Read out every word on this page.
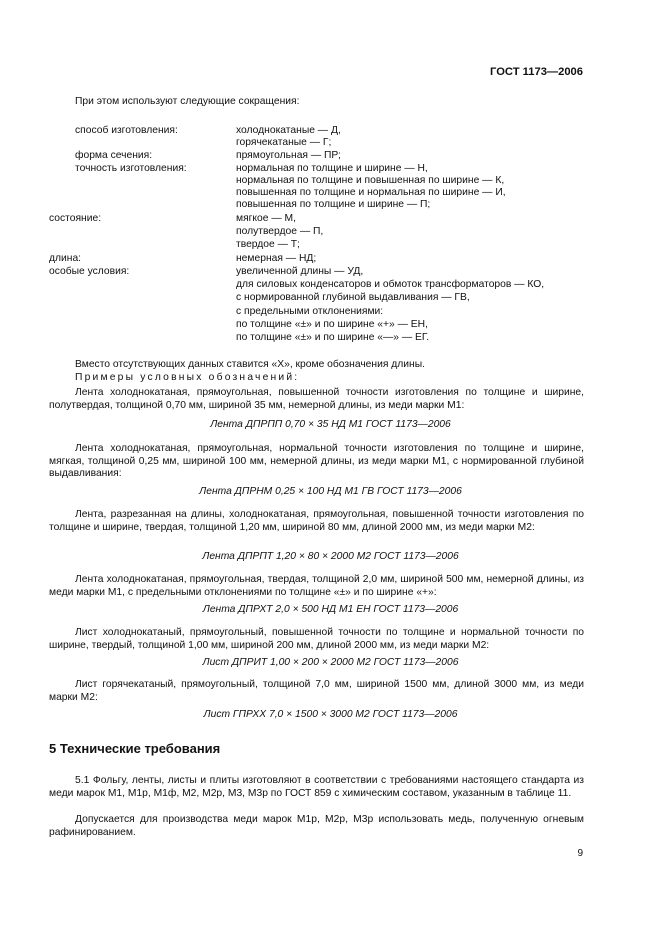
ГОСТ 1173—2006
При этом используют следующие сокращения:
способ изготовления:	холоднокатаные — Д,
горячекатаные — Г;
форма сечения:	прямоугольная — ПР;
точность изготовления:	нормальная по толщине и ширине — Н,
нормальная по толщине и повышенная по ширине — К,
повышенная по толщине и нормальная по ширине — И,
повышенная по толщине и ширине — П;
состояние:	мягкое — М,
полутвердое — П,
твердое — Т;
длина:	немерная — НД;
особые условия:	увеличенной длины — УД,
для силовых конденсаторов и обмоток трансформаторов — КО,
с нормированной глубиной выдавливания — ГВ,
с предельными отклонениями:
по толщине «±» и по ширине «+» — ЕН,
по толщине «±» и по ширине «—» — ЕГ.
Вместо отсутствующих данных ставится «Х», кроме обозначения длины.
Примеры условных обозначений:
Лента холоднокатаная, прямоугольная, повышенной точности изготовления по толщине и ширине, полутвердая, толщиной 0,70 мм, шириной 35 мм, немерной длины, из меди марки М1:
Лента ДПРПП 0,70 × 35 НД М1 ГОСТ 1173—2006
Лента холоднокатаная, прямоугольная, нормальной точности изготовления по толщине и ширине, мягкая, толщиной 0,25 мм, шириной 100 мм, немерной длины, из меди марки М1, с нормированной глубиной выдавливания:
Лента ДПРНМ 0,25 × 100 НД М1 ГВ ГОСТ 1173—2006
Лента, разрезанная на длины, холоднокатаная, прямоугольная, повышенной точности изготовления по толщине и ширине, твердая, толщиной 1,20 мм, шириной 80 мм, длиной 2000 мм, из меди марки М2:
Лента ДПРПТ 1,20 × 80 × 2000 М2 ГОСТ 1173—2006
Лента холоднокатаная, прямоугольная, твердая, толщиной 2,0 мм, шириной 500 мм, немерной длины, из меди марки М1, с предельными отклонениями по толщине «±» и по ширине «+»:
Лента ДПРХТ 2,0 × 500 НД М1 ЕН ГОСТ 1173—2006
Лист холоднокатаный, прямоугольный, повышенной точности по толщине и нормальной точности по ширине, твердый, толщиной 1,00 мм, шириной 200 мм, длиной 2000 мм, из меди марки М2:
Лист ДПРИТ 1,00 × 200 × 2000 М2 ГОСТ 1173—2006
Лист горячекатаный, прямоугольный, толщиной 7,0 мм, шириной 1500 мм, длиной 3000 мм, из меди марки М2:
Лист ГПРХХ 7,0 × 1500 × 3000 М2 ГОСТ 1173—2006
5 Технические требования
5.1 Фольгу, ленты, листы и плиты изготовляют в соответствии с требованиями настоящего стандарта из меди марок М1, М1р, М1ф, М2, М2р, М3, М3р по ГОСТ 859 с химическим составом, указанным в таблице 11.
Допускается для производства меди марок М1р, М2р, М3р использовать медь, полученную огневым рафинированием.
9
